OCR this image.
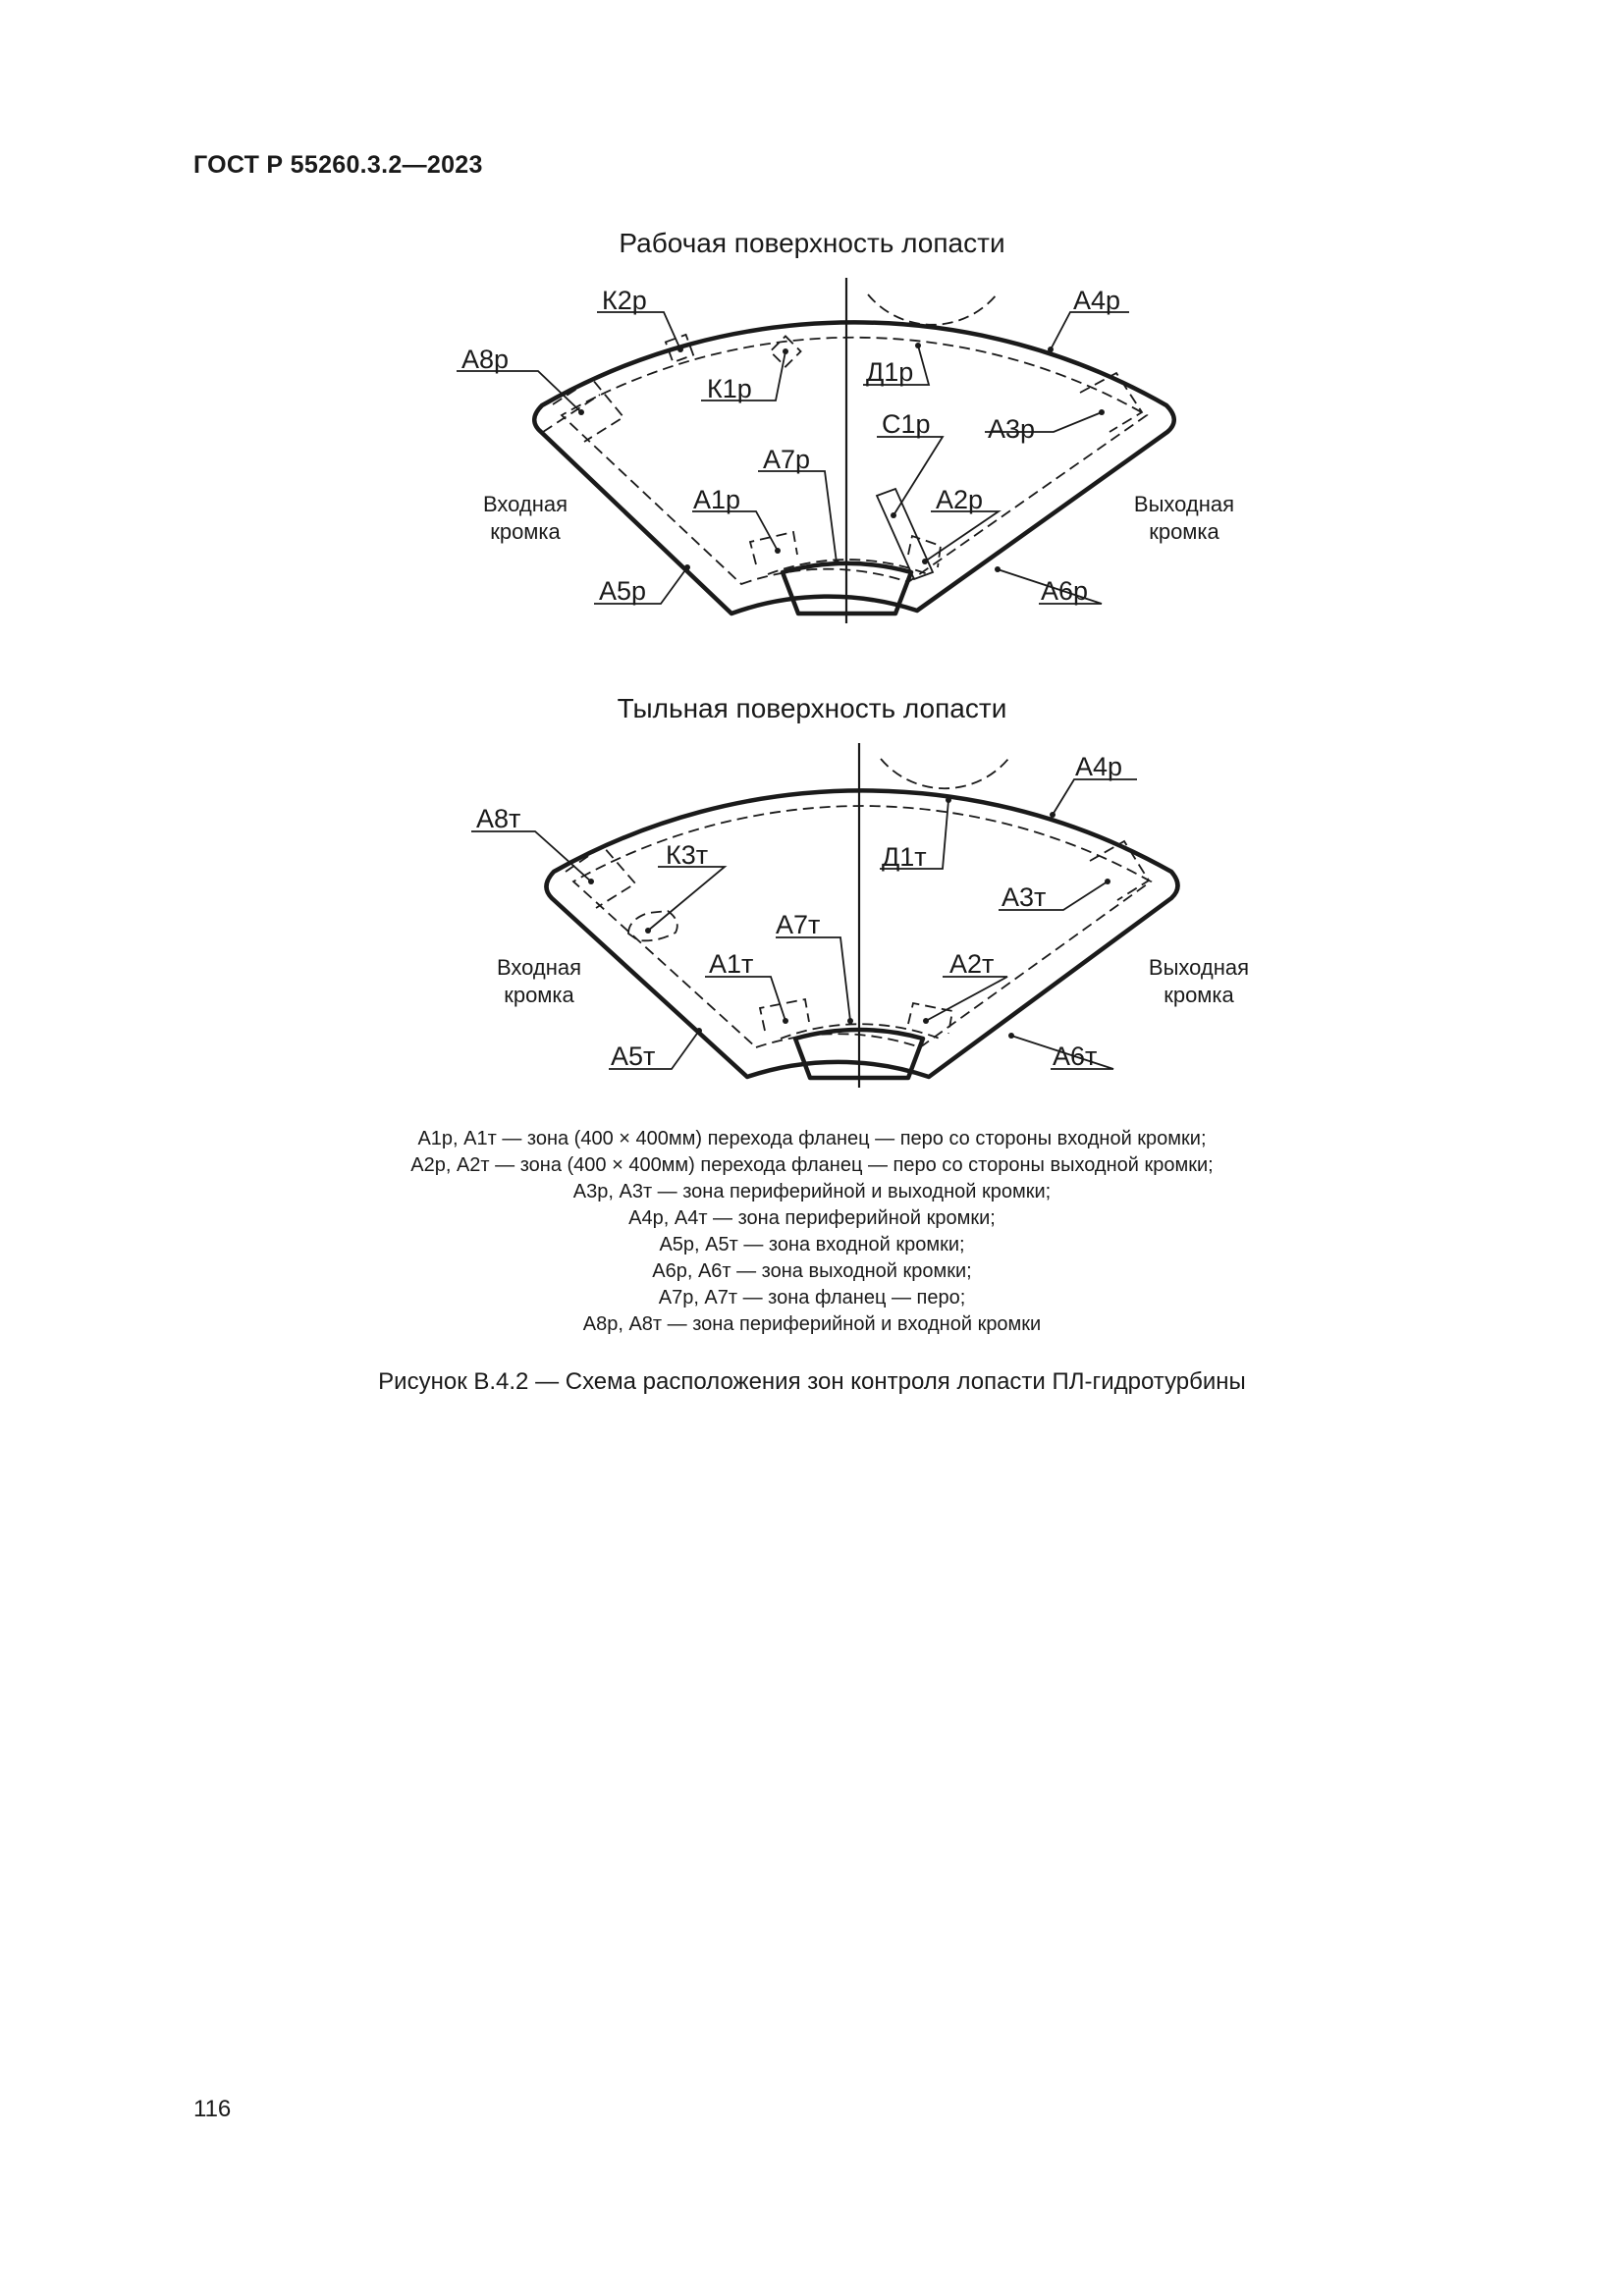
ГОСТ Р 55260.3.2—2023
Рабочая поверхность лопасти
К2р	А4р
А8р	Д1р
К1р
С1р А3р
А7р
А1р	А2р
А5р	А6р
Входная
кромка
Выходная
кромка
Тыльная поверхность лопасти
А4р
А8т
К3т	Д1т
А3т
А7т
А1т	А2т
А5т	А6т
Входная
кромка
Выходная
кромка
А1р, А1т — зона (400 × 400мм) перехода фланец — перо со стороны входной кромки;
А2р, А2т — зона (400 × 400мм) перехода фланец — перо со стороны выходной кромки;
А3р, А3т — зона периферийной и выходной кромки;
А4р, А4т — зона периферийной кромки;
А5р, А5т — зона входной кромки;
А6р, А6т — зона выходной кромки;
А7р, А7т — зона фланец — перо;
А8р, А8т — зона периферийной и входной кромки
Рисунок В.4.2 — Схема расположения зон контроля лопасти ПЛ-гидротурбины
116
